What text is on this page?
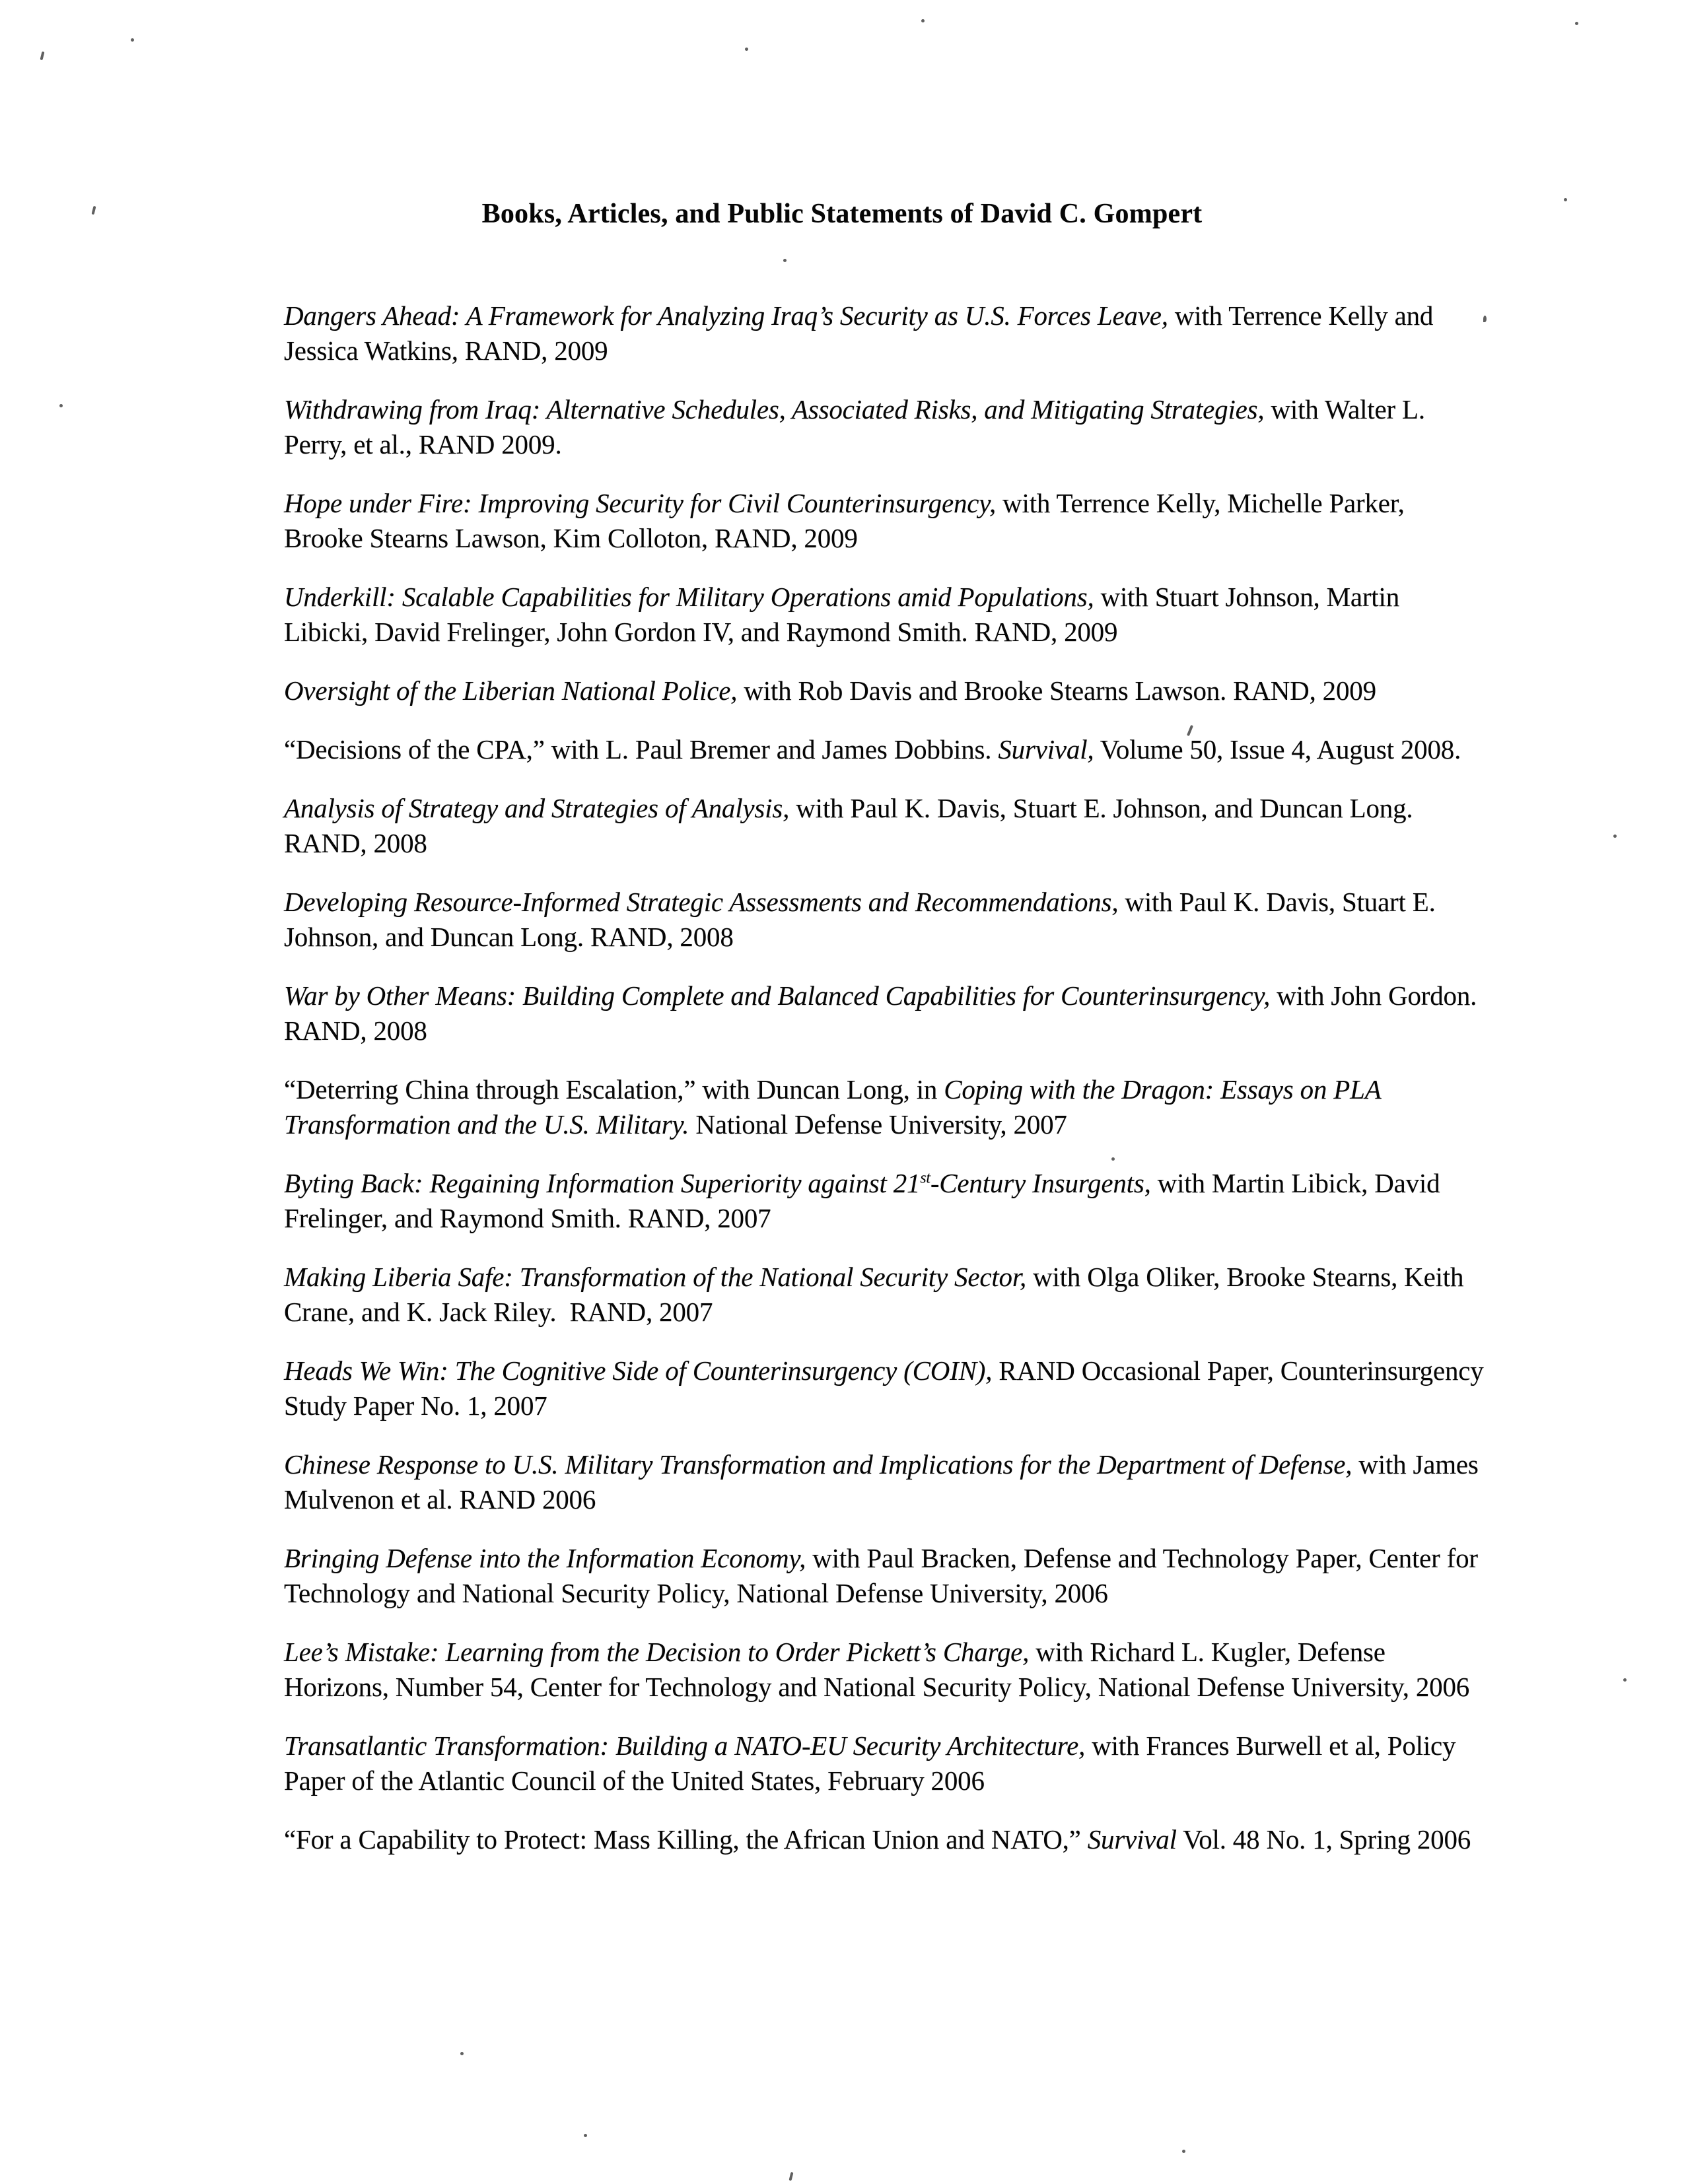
Books, Articles, and Public Statements of David C. Gompert

Dangers Ahead: A Framework for Analyzing Iraq’s Security as U.S. Forces Leave, with Terrence Kelly and Jessica Watkins, RAND, 2009

Withdrawing from Iraq: Alternative Schedules, Associated Risks, and Mitigating Strategies, with Walter L. Perry, et al., RAND 2009.

Hope under Fire: Improving Security for Civil Counterinsurgency, with Terrence Kelly, Michelle Parker, Brooke Stearns Lawson, Kim Colloton, RAND, 2009

Underkill: Scalable Capabilities for Military Operations amid Populations, with Stuart Johnson, Martin Libicki, David Frelinger, John Gordon IV, and Raymond Smith. RAND, 2009

Oversight of the Liberian National Police, with Rob Davis and Brooke Stearns Lawson. RAND, 2009

“Decisions of the CPA,” with L. Paul Bremer and James Dobbins. Survival, Volume 50, Issue 4, August 2008.

Analysis of Strategy and Strategies of Analysis, with Paul K. Davis, Stuart E. Johnson, and Duncan Long. RAND, 2008

Developing Resource-Informed Strategic Assessments and Recommendations, with Paul K. Davis, Stuart E. Johnson, and Duncan Long. RAND, 2008

War by Other Means: Building Complete and Balanced Capabilities for Counterinsurgency, with John Gordon. RAND, 2008

“Deterring China through Escalation,” with Duncan Long, in Coping with the Dragon: Essays on PLA Transformation and the U.S. Military. National Defense University, 2007

Byting Back: Regaining Information Superiority against 21st-Century Insurgents, with Martin Libick, David Frelinger, and Raymond Smith. RAND, 2007

Making Liberia Safe: Transformation of the National Security Sector, with Olga Oliker, Brooke Stearns, Keith Crane, and K. Jack Riley.  RAND, 2007

Heads We Win: The Cognitive Side of Counterinsurgency (COIN), RAND Occasional Paper, Counterinsurgency Study Paper No. 1, 2007

Chinese Response to U.S. Military Transformation and Implications for the Department of Defense, with James Mulvenon et al. RAND 2006

Bringing Defense into the Information Economy, with Paul Bracken, Defense and Technology Paper, Center for Technology and National Security Policy, National Defense University, 2006

Lee’s Mistake: Learning from the Decision to Order Pickett’s Charge, with Richard L. Kugler, Defense Horizons, Number 54, Center for Technology and National Security Policy, National Defense University, 2006

Transatlantic Transformation: Building a NATO-EU Security Architecture, with Frances Burwell et al, Policy Paper of the Atlantic Council of the United States, February 2006

“For a Capability to Protect: Mass Killing, the African Union and NATO,” Survival Vol. 48 No. 1, Spring 2006
